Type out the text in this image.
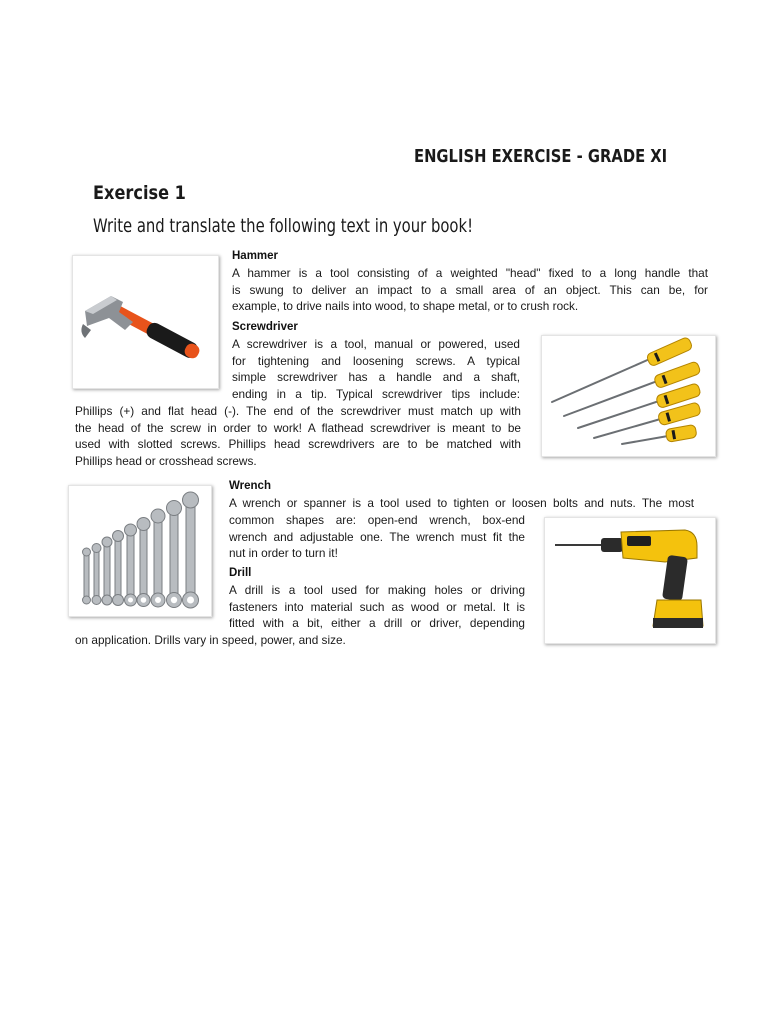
ENGLISH EXERCISE - GRADE XI
Exercise 1
Write and translate the following text in your book!
Hammer
A hammer is a tool consisting of a weighted "head" fixed to a long handle that
is swung to deliver an impact to a small area of an object. This can be, for
example, to drive nails into wood, to shape metal, or to crush rock.
Screwdriver
A screwdriver is a tool, manual or powered, used
for tightening and loosening screws. A typical
simple screwdriver has a handle and a shaft,
ending in a tip. Typical screwdriver tips include:
Phillips (+) and flat head (-). The end of the screwdriver must match up with
the head of the screw in order to work! A flathead screwdriver is meant to be
used with slotted screws. Phillips head screwdrivers are to be matched with
Phillips head or crosshead screws.
Wrench
A wrench or spanner is a tool used to tighten or loosen bolts and nuts. The most
common shapes are: open-end wrench, box-end
wrench and adjustable one. The wrench must fit the
nut in order to turn it!
Drill
A drill is a tool used for making holes or driving
fasteners into material such as wood or metal. It is
fitted with a bit, either a drill or driver, depending
on application. Drills vary in speed, power, and size.
